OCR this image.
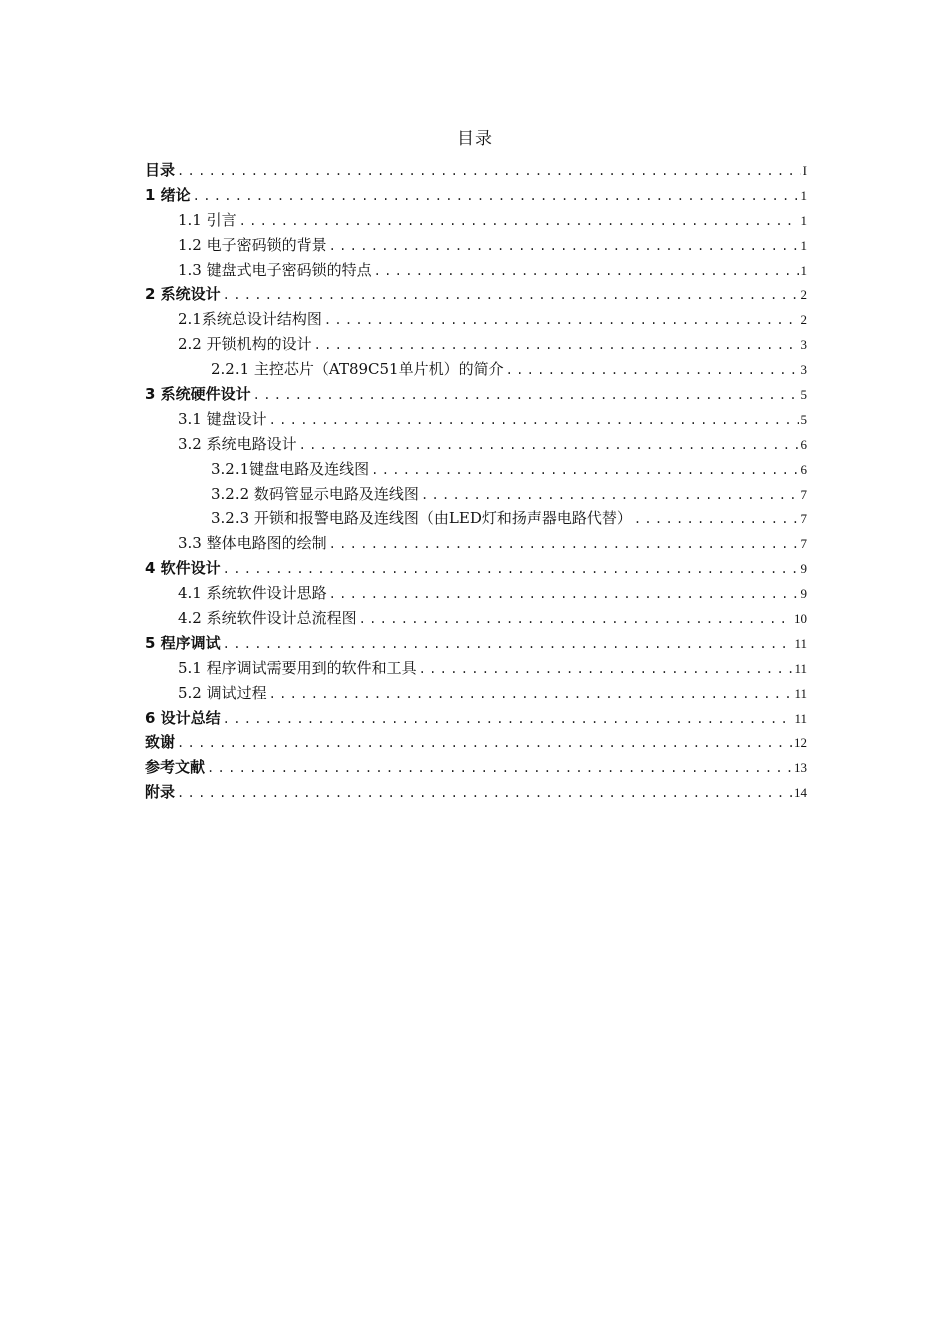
目录
目录 .....	I
1 绪论 .....	1
1.1 引言 .....	1
1.2 电子密码锁的背景 .....	1
1.3 键盘式电子密码锁的特点 .....	1
2 系统设计 .....	2
2.1系统总设计结构图 .....	2
2.2 开锁机构的设计 .....	3
2.2.1 主控芯片（AT89C51单片机）的简介 .....	3
3 系统硬件设计 .....	5
3.1 键盘设计 .....	5
3.2 系统电路设计 .....	6
3.2.1键盘电路及连线图 .....	6
3.2.2 数码管显示电路及连线图 .....	7
3.2.3 开锁和报警电路及连线图（由LED灯和扬声器电路代替） .....	7
3.3 整体电路图的绘制 .....	7
4 软件设计 .....	9
4.1 系统软件设计思路 .....	9
4.2 系统软件设计总流程图 .....	10
5 程序调试 .....	11
5.1 程序调试需要用到的软件和工具 .....	11
5.2 调试过程 .....	11
6 设计总结 .....	11
致谢 .....	12
参考文献 .....	13
附录 .....	14
